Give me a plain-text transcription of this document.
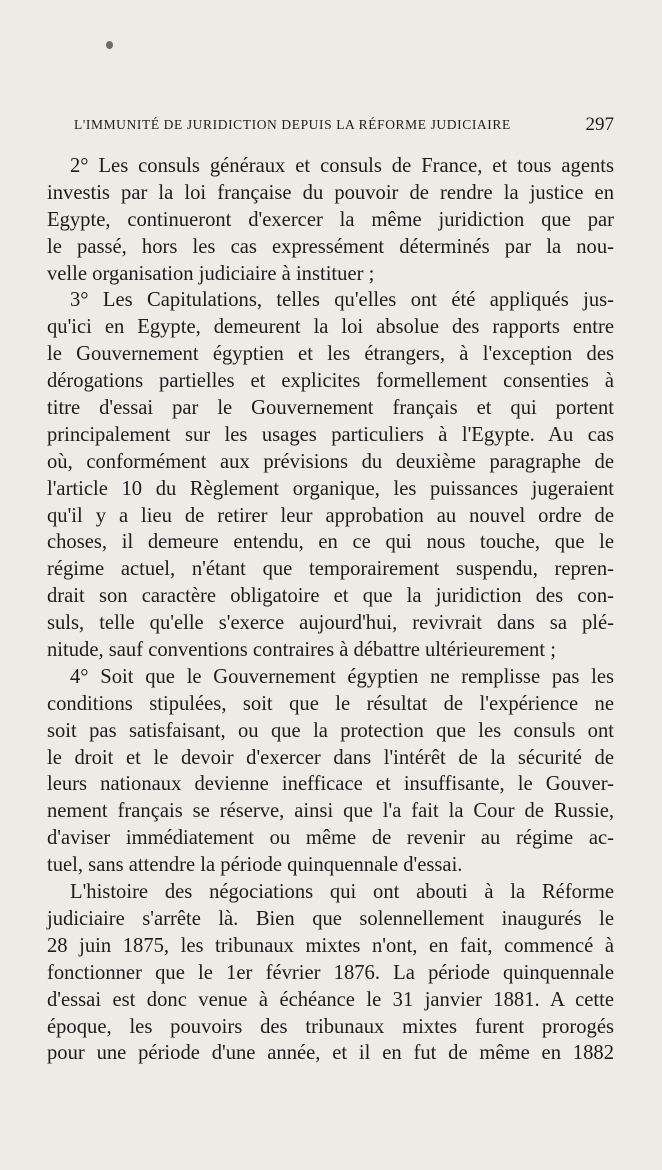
L'IMMUNITÉ DE JURIDICTION DEPUIS LA RÉFORME JUDICIAIRE	297
2° Les consuls généraux et consuls de France, et tous agents
investis par la loi française du pouvoir de rendre la justice en
Egypte, continueront d'exercer la même juridiction que par
le passé, hors les cas expressément déterminés par la nou-
velle organisation judiciaire à instituer ;
3° Les Capitulations, telles qu'elles ont été appliqués jus-
qu'ici en Egypte, demeurent la loi absolue des rapports entre
le Gouvernement égyptien et les étrangers, à l'exception des
dérogations partielles et explicites formellement consenties à
titre d'essai par le Gouvernement français et qui portent
principalement sur les usages particuliers à l'Egypte. Au cas
où, conformément aux prévisions du deuxième paragraphe de
l'article 10 du Règlement organique, les puissances jugeraient
qu'il y a lieu de retirer leur approbation au nouvel ordre de
choses, il demeure entendu, en ce qui nous touche, que le
régime actuel, n'étant que temporairement suspendu, repren-
drait son caractère obligatoire et que la juridiction des con-
suls, telle qu'elle s'exerce aujourd'hui, revivrait dans sa plé-
nitude, sauf conventions contraires à débattre ultérieurement ;
4° Soit que le Gouvernement égyptien ne remplisse pas les
conditions stipulées, soit que le résultat de l'expérience ne
soit pas satisfaisant, ou que la protection que les consuls ont
le droit et le devoir d'exercer dans l'intérêt de la sécurité de
leurs nationaux devienne inefficace et insuffisante, le Gouver-
nement français se réserve, ainsi que l'a fait la Cour de Russie,
d'aviser immédiatement ou même de revenir au régime ac-
tuel, sans attendre la période quinquennale d'essai.
L'histoire des négociations qui ont abouti à la Réforme
judiciaire s'arrête là. Bien que solennellement inaugurés le
28 juin 1875, les tribunaux mixtes n'ont, en fait, commencé à
fonctionner que le 1er février 1876. La période quinquennale
d'essai est donc venue à échéance le 31 janvier 1881. A cette
époque, les pouvoirs des tribunaux mixtes furent prorogés
pour une période d'une année, et il en fut de même en 1882
